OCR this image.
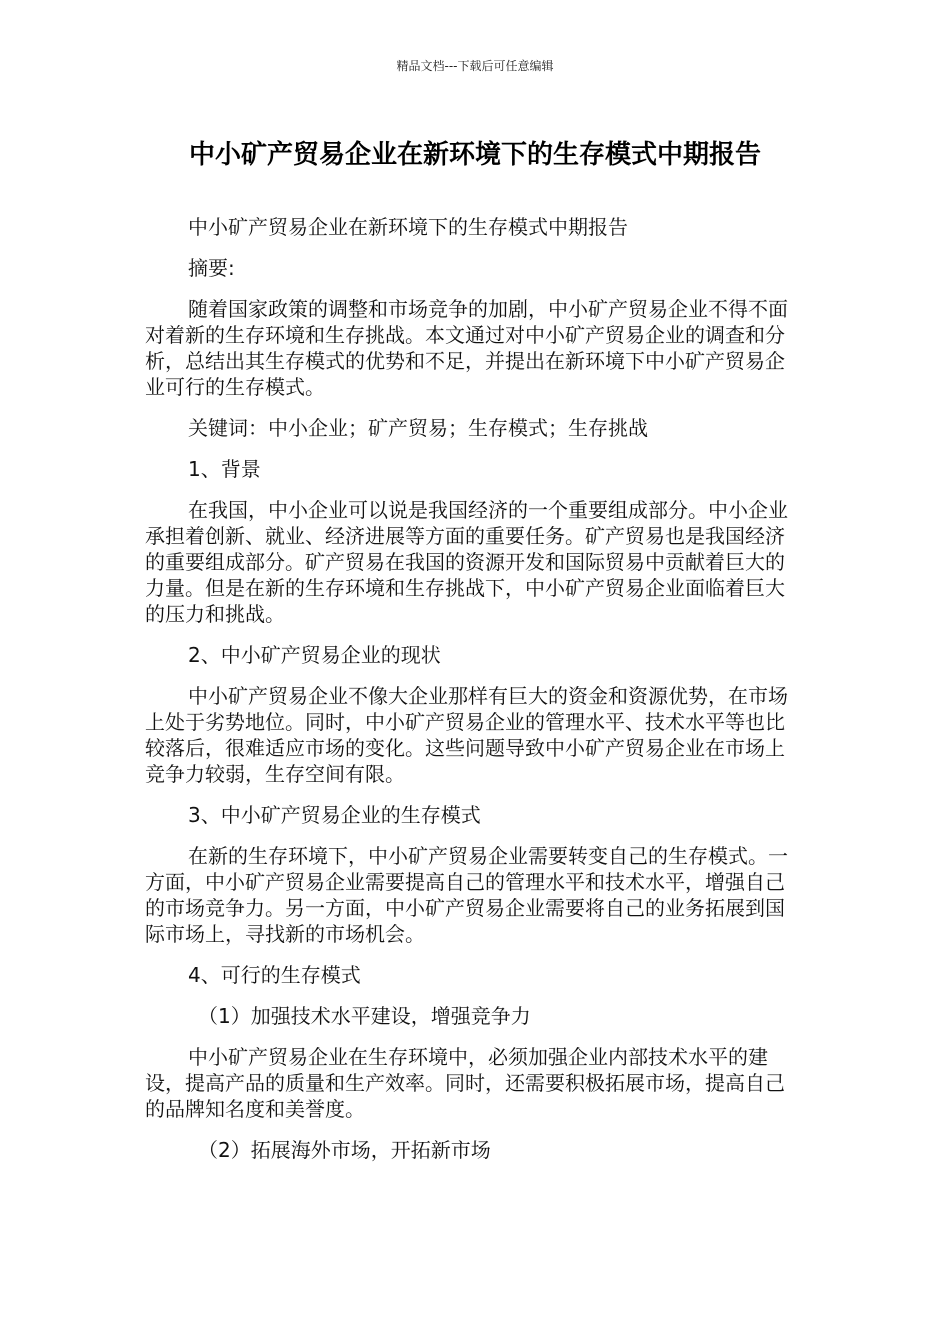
精品文档---下载后可任意编辑
中小矿产贸易企业在新环境下的生存模式中期报告

中小矿产贸易企业在新环境下的生存模式中期报告

摘要:

随着国家政策的调整和市场竞争的加剧，中小矿产贸易企业不得不面对着新的生存环境和生存挑战。本文通过对中小矿产贸易企业的调查和分析，总结出其生存模式的优势和不足，并提出在新环境下中小矿产贸易企业可行的生存模式。

关键词：中小企业；矿产贸易；生存模式；生存挑战

1、背景

在我国，中小企业可以说是我国经济的一个重要组成部分。中小企业承担着创新、就业、经济进展等方面的重要任务。矿产贸易也是我国经济的重要组成部分。矿产贸易在我国的资源开发和国际贸易中贡献着巨大的力量。但是在新的生存环境和生存挑战下，中小矿产贸易企业面临着巨大的压力和挑战。

2、中小矿产贸易企业的现状

中小矿产贸易企业不像大企业那样有巨大的资金和资源优势，在市场上处于劣势地位。同时，中小矿产贸易企业的管理水平、技术水平等也比较落后，很难适应市场的变化。这些问题导致中小矿产贸易企业在市场上竞争力较弱，生存空间有限。

3、中小矿产贸易企业的生存模式

在新的生存环境下，中小矿产贸易企业需要转变自己的生存模式。一方面，中小矿产贸易企业需要提高自己的管理水平和技术水平，增强自己的市场竞争力。另一方面，中小矿产贸易企业需要将自己的业务拓展到国际市场上，寻找新的市场机会。

4、可行的生存模式

（1）加强技术水平建设，增强竞争力

中小矿产贸易企业在生存环境中，必须加强企业内部技术水平的建设，提高产品的质量和生产效率。同时，还需要积极拓展市场，提高自己的品牌知名度和美誉度。

（2）拓展海外市场，开拓新市场
